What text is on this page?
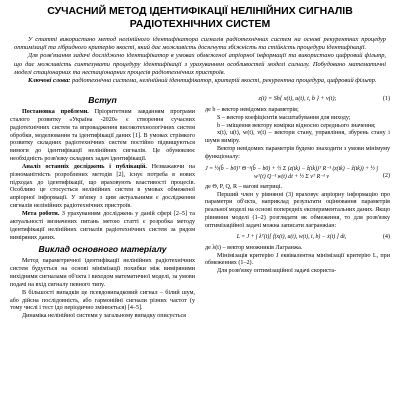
СУЧАСНИЙ МЕТОД ІДЕНТИФІКАЦІЇ НЕЛІНІЙНИХ СИГНАЛІВ РАДІОТЕХНІЧНИХ СИСТЕМ

У статті використано метод нелінійного ідентифікатора сигналів радіотехнічних систем на основі рекурентних процедур оптимізації та гібридного критерію якості, який дає можливість досягнути збіжність та стійкість процедури ідентифікації.

Для розв'язання задачі досліджено ідентифікатор в умовах обмеженої апріорної інформації та використано цифровий фільтр, що дає можливість синтезувати процедуру ідентифікації з урахуванням особливостей моделі сигналу. Побудовано математичні моделі стаціонарних та нестаціонарних процесів радіотехнічних пристроїв.

Ключові слова: радіотехнічна система, нелінійний ідентифікатор, критерій якості, рекурентна процедура, цифровий фільтр.

Вступ

Постановка проблеми. Пріоритетним завданням програми сталого розвитку «Україна -2020» є створення сучасних радіотехнічних систем та впровадження високотехнологічних систем обробки, моделювання та ідентифікації даних [1]. В умовах стрімкого розвитку складних радіотехнічних систем постійно підвищуються вимоги до ідентифікації нелінійних сигналів. Це обумовлює необхідність розв'язку складних задач ідентифікації.

Аналіз останніх досліджень і публікацій. Незважаючи на різноманітність розроблених методів [2], існує потреба в нових підходах до ідентифікації, що враховують властивості процесів. Особливо це стосується нелінійних систем в умовах обмеженої апріорної інформації. У зв'язку з цим актуальними є дослідження сигналів нелінійних радіотехнічних пристроїв.

Мета роботи. З урахуванням досліджень у даній сфері [2–5] та актуальності визначених питань метою статті є розробка методу ідентифікації нелінійних сигналів радіотехнічних систем за рядом виміряних даних.

Виклад основного матеріалу

Метод параметричної ідентифікації нелінійних радіотехнічних систем будується на основі мінімізації похибки між виміряними вихідними сигналами об'єкта і виходом математичної моделі, за умови подачі на вхід сигналу певного типу.

В більшості випадків це псевдовипадковий сигнал – білий шум, або дійсна послідовність, або гармонійні сигнали різних частот (у тому числі і тест ідо періодично змінюється) [4–5].

Динаміка нелінійної системи у загальному випадку описується

z(t) = Sh{ x(t), u(t), t, b } + v(t);	(1)

де b – вектор невідомих параметрів;

S – вектор коефіцієнтів масштабування для виходу;

b – зміщення вектору комірки відносно середнього значення;

x(t), u(t), w(t), v(t) – вектори стану, управління, збурень стану і шуми виміру.

Вектор невідомих параметрів будемо знаходити з умови мінімуму функціоналу:

J = ½(b̂ − b0)ᵀ Θ⁻¹(b̂ − b0) + ½ Σ (z(tk) − ẑ(tk))ᵀ R⁻¹ (z(tk) − ẑ(tk)) + ½ ∫ wᵀ(t) Q⁻¹ w(t) dt + ½ Σ vᵀ R⁻¹ v	(2)

де Θ, P, Q, R – вагові матриці.

Перший член у рівнянні (3) враховує апріорну інформацію про параметри об'єкта, наприклад результати оцінювання параметрів реальної моделі на основі попередніх експериментальних даних. Якщо рівняння моделі (1–2) розглядати як обмеження, то для розв'язку оптимізаційної задачі можна записати лагранжіан:

L = J + ∫ λᵀ(t)[ f(x(t), u(t), w(t), t, b) − ẋ(t) ] dt,	(4)

де λ(t) – вектор множників Лагранжа.

Мінімізація критерію J еквівалентна мінімізації критерію L, при обмеженнях (1–2).

Для розв'язку оптимізаційної задачі скориста-
